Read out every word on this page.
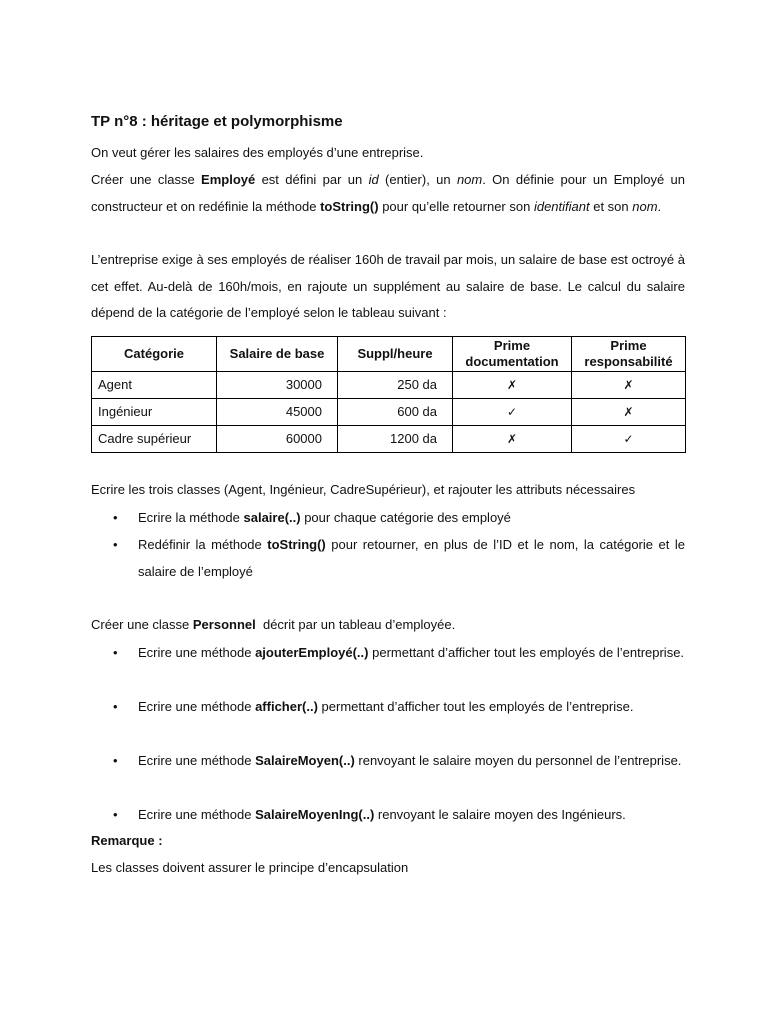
TP n°8 : héritage et polymorphisme
On veut gérer les salaires des employés d’une entreprise.
Créer une classe Employé est défini par un id (entier), un nom. On définie pour un Employé un constructeur et on redéfinie la méthode toString() pour qu’elle retourner son identifiant et son nom.
L’entreprise exige à ses employés de réaliser 160h de travail par mois, un salaire de base est octroyé à cet effet. Au-delà de 160h/mois, en rajoute un supplément au salaire de base. Le calcul du salaire dépend de la catégorie de l’employé selon le tableau suivant :
Catégorie	Salaire de base	Suppl/heure	Prime documentation	Prime responsabilité
Agent	30000	250 da	✗	✗
Ingénieur	45000	600 da	✓	✗
Cadre supérieur	60000	1200 da	✗	✓
Ecrire les trois classes (Agent, Ingénieur, CadreSupérieur), et rajouter les attributs nécessaires
• Ecrire la méthode salaire(..) pour chaque catégorie des employé
• Redéfinir la méthode toString() pour retourner, en plus de l’ID et le nom, la catégorie et le salaire de l’employé
Créer une classe Personnel  décrit par un tableau d’employée.
• Ecrire une méthode ajouterEmployé(..) permettant d’afficher tout les employés de l’entreprise.
• Ecrire une méthode afficher(..) permettant d’afficher tout les employés de l’entreprise.
• Ecrire une méthode SalaireMoyen(..) renvoyant le salaire moyen du personnel de l’entreprise.
• Ecrire une méthode SalaireMoyenIng(..) renvoyant le salaire moyen des Ingénieurs.
Remarque :
Les classes doivent assurer le principe d’encapsulation
